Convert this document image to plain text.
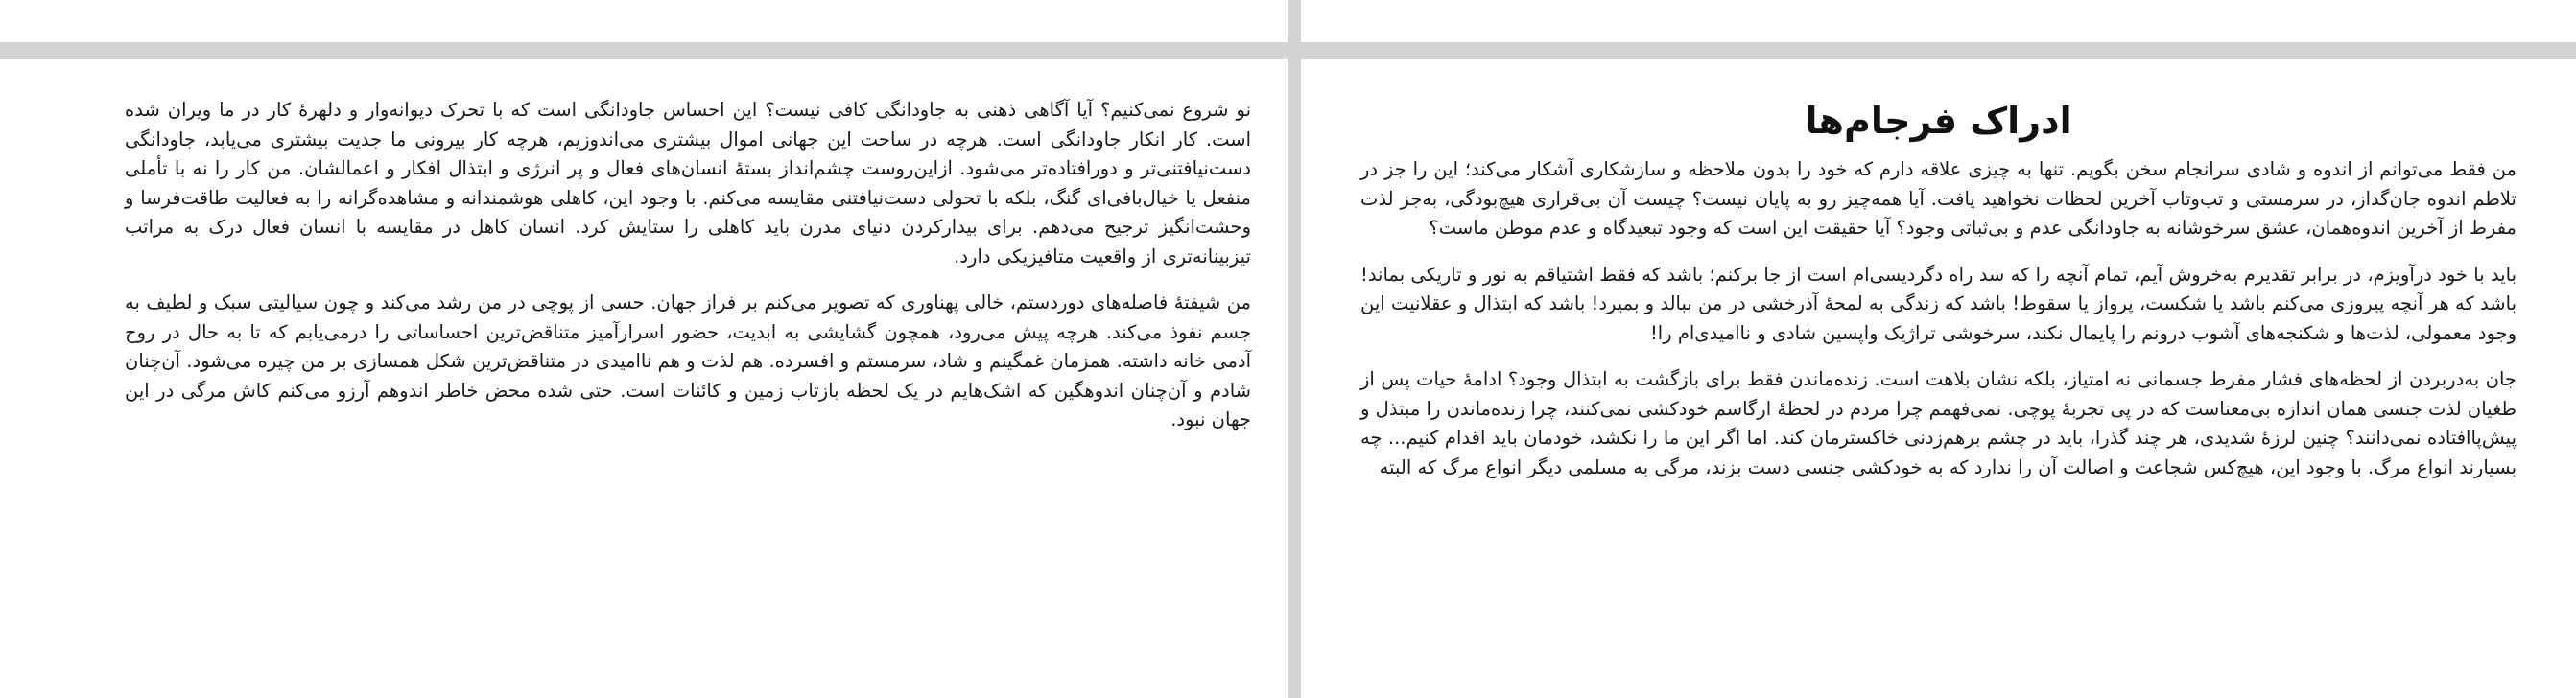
نو شروع نمی‌کنیم؟ آیا آگاهی ذهنی به جاودانگی کافی نیست؟ این احساس جاودانگی است که با تحرک دیوانه‌وار و دلهرهٔ کار در ما ویران شده است. کار انکار جاودانگی است. هرچه در ساحت این جهانی اموال بیشتری می‌اندوزیم، هرچه کار بیرونی ما جدیت بیشتری می‌یابد، جاودانگی دست‌نیافتنی‌تر و دورافتاده‌تر می‌شود. ازاین‌روست چشم‌انداز بستهٔ انسان‌های فعال و پر انرژی و ابتذال افکار و اعمالشان. من کار را نه با تأملی منفعل یا خیال‌بافی‌ای گنگ، بلکه با تحولی دست‌نیافتنی مقایسه می‌کنم. با وجود این، کاهلی هوشمندانه و مشاهده‌گرانه را به فعالیت طاقت‌فرسا و وحشت‌انگیز ترجیح می‌دهم. برای بیدارکردن دنیای مدرن باید کاهلی را ستایش کرد. انسان کاهل در مقایسه با انسان فعال درک به مراتب تیزبینانه‌تری از واقعیت متافیزیکی دارد.

من شیفتهٔ فاصله‌های دوردستم، خالی پهناوری که تصویر می‌کنم بر فراز جهان. حسی از پوچی در من رشد می‌کند و چون سیالیتی سبک و لطیف به جسم نفوذ می‌کند. هرچه پیش می‌رود، همچون گشایشی به ابدیت، حضور اسرارآمیز متناقض‌ترین احساساتی را درمی‌یابم که تا به حال در روح آدمی خانه داشته. همزمان غمگینم و شاد، سرمستم و افسرده. هم لذت و هم ناامیدی در متناقض‌ترین شکل همسازی بر من چیره می‌شود. آن‌چنان شادم و آن‌چنان اندوهگین که اشک‌هایم در یک لحظه بازتاب زمین و کائنات است. حتی شده محض خاطر اندوهم آرزو می‌کنم کاش مرگی در این جهان نبود.

ادراک فرجام‌ها

من فقط می‌توانم از اندوه و شادی سرانجام سخن بگویم. تنها به چیزی علاقه دارم که خود را بدون ملاحظه و سازشکاری آشکار می‌کند؛ این را جز در تلاطم اندوه جان‌گداز، در سرمستی و تب‌وتاب آخرین لحظات نخواهید یافت. آیا همه‌چیز رو به پایان نیست؟ چیست آن بی‌قراری هیچ‌بودگی، به‌جز لذت مفرط از آخرین اندوه‌همان، عشق سرخوشانه به جاودانگی عدم و بی‌ثباتی وجود؟ آیا حقیقت این است که وجود تبعیدگاه و عدم موطن ماست؟

باید با خود درآویزم، در برابر تقدیرم به‌خروش آیم، تمام آنچه را که سد راه دگردیسی‌ام است از جا برکنم؛ باشد که فقط اشتیاقم به نور و تاریکی بماند! باشد که هر آنچه پیروزی می‌کنم باشد یا شکست، پرواز یا سقوط! باشد که زندگی به لمحهٔ آذرخشی در من ببالد و بمیرد! باشد که ابتذال و عقلانیت این وجود معمولی، لذت‌ها و شکنجه‌های آشوب درونم را پایمال نکند، سرخوشی تراژیک واپسین شادی و ناامیدی‌ام را!

جان به‌دربردن از لحظه‌های فشار مفرط جسمانی نه امتیاز، بلکه نشان بلاهت است. زنده‌ماندن فقط برای بازگشت به ابتذال وجود؟ ادامهٔ حیات پس از طغیان لذت جنسی همان اندازه بی‌معناست که در پی تجربهٔ پوچی. نمی‌فهمم چرا مردم در لحظهٔ ارگاسم خودکشی نمی‌کنند، چرا زنده‌ماندن را مبتذل و پیش‌پاافتاده نمی‌دانند؟ چنین لرزهٔ شدیدی، هر چند گذرا، باید در چشم برهم‌زدنی خاکسترمان کند. اما اگر این ما را نکشد، خودمان باید اقدام کنیم... چه بسیارند انواع مرگ. با وجود این، هیچ‌کس شجاعت و اصالت آن را ندارد که به خودکشی جنسی دست بزند، مرگی به مسلمی دیگر انواع مرگ که البته
